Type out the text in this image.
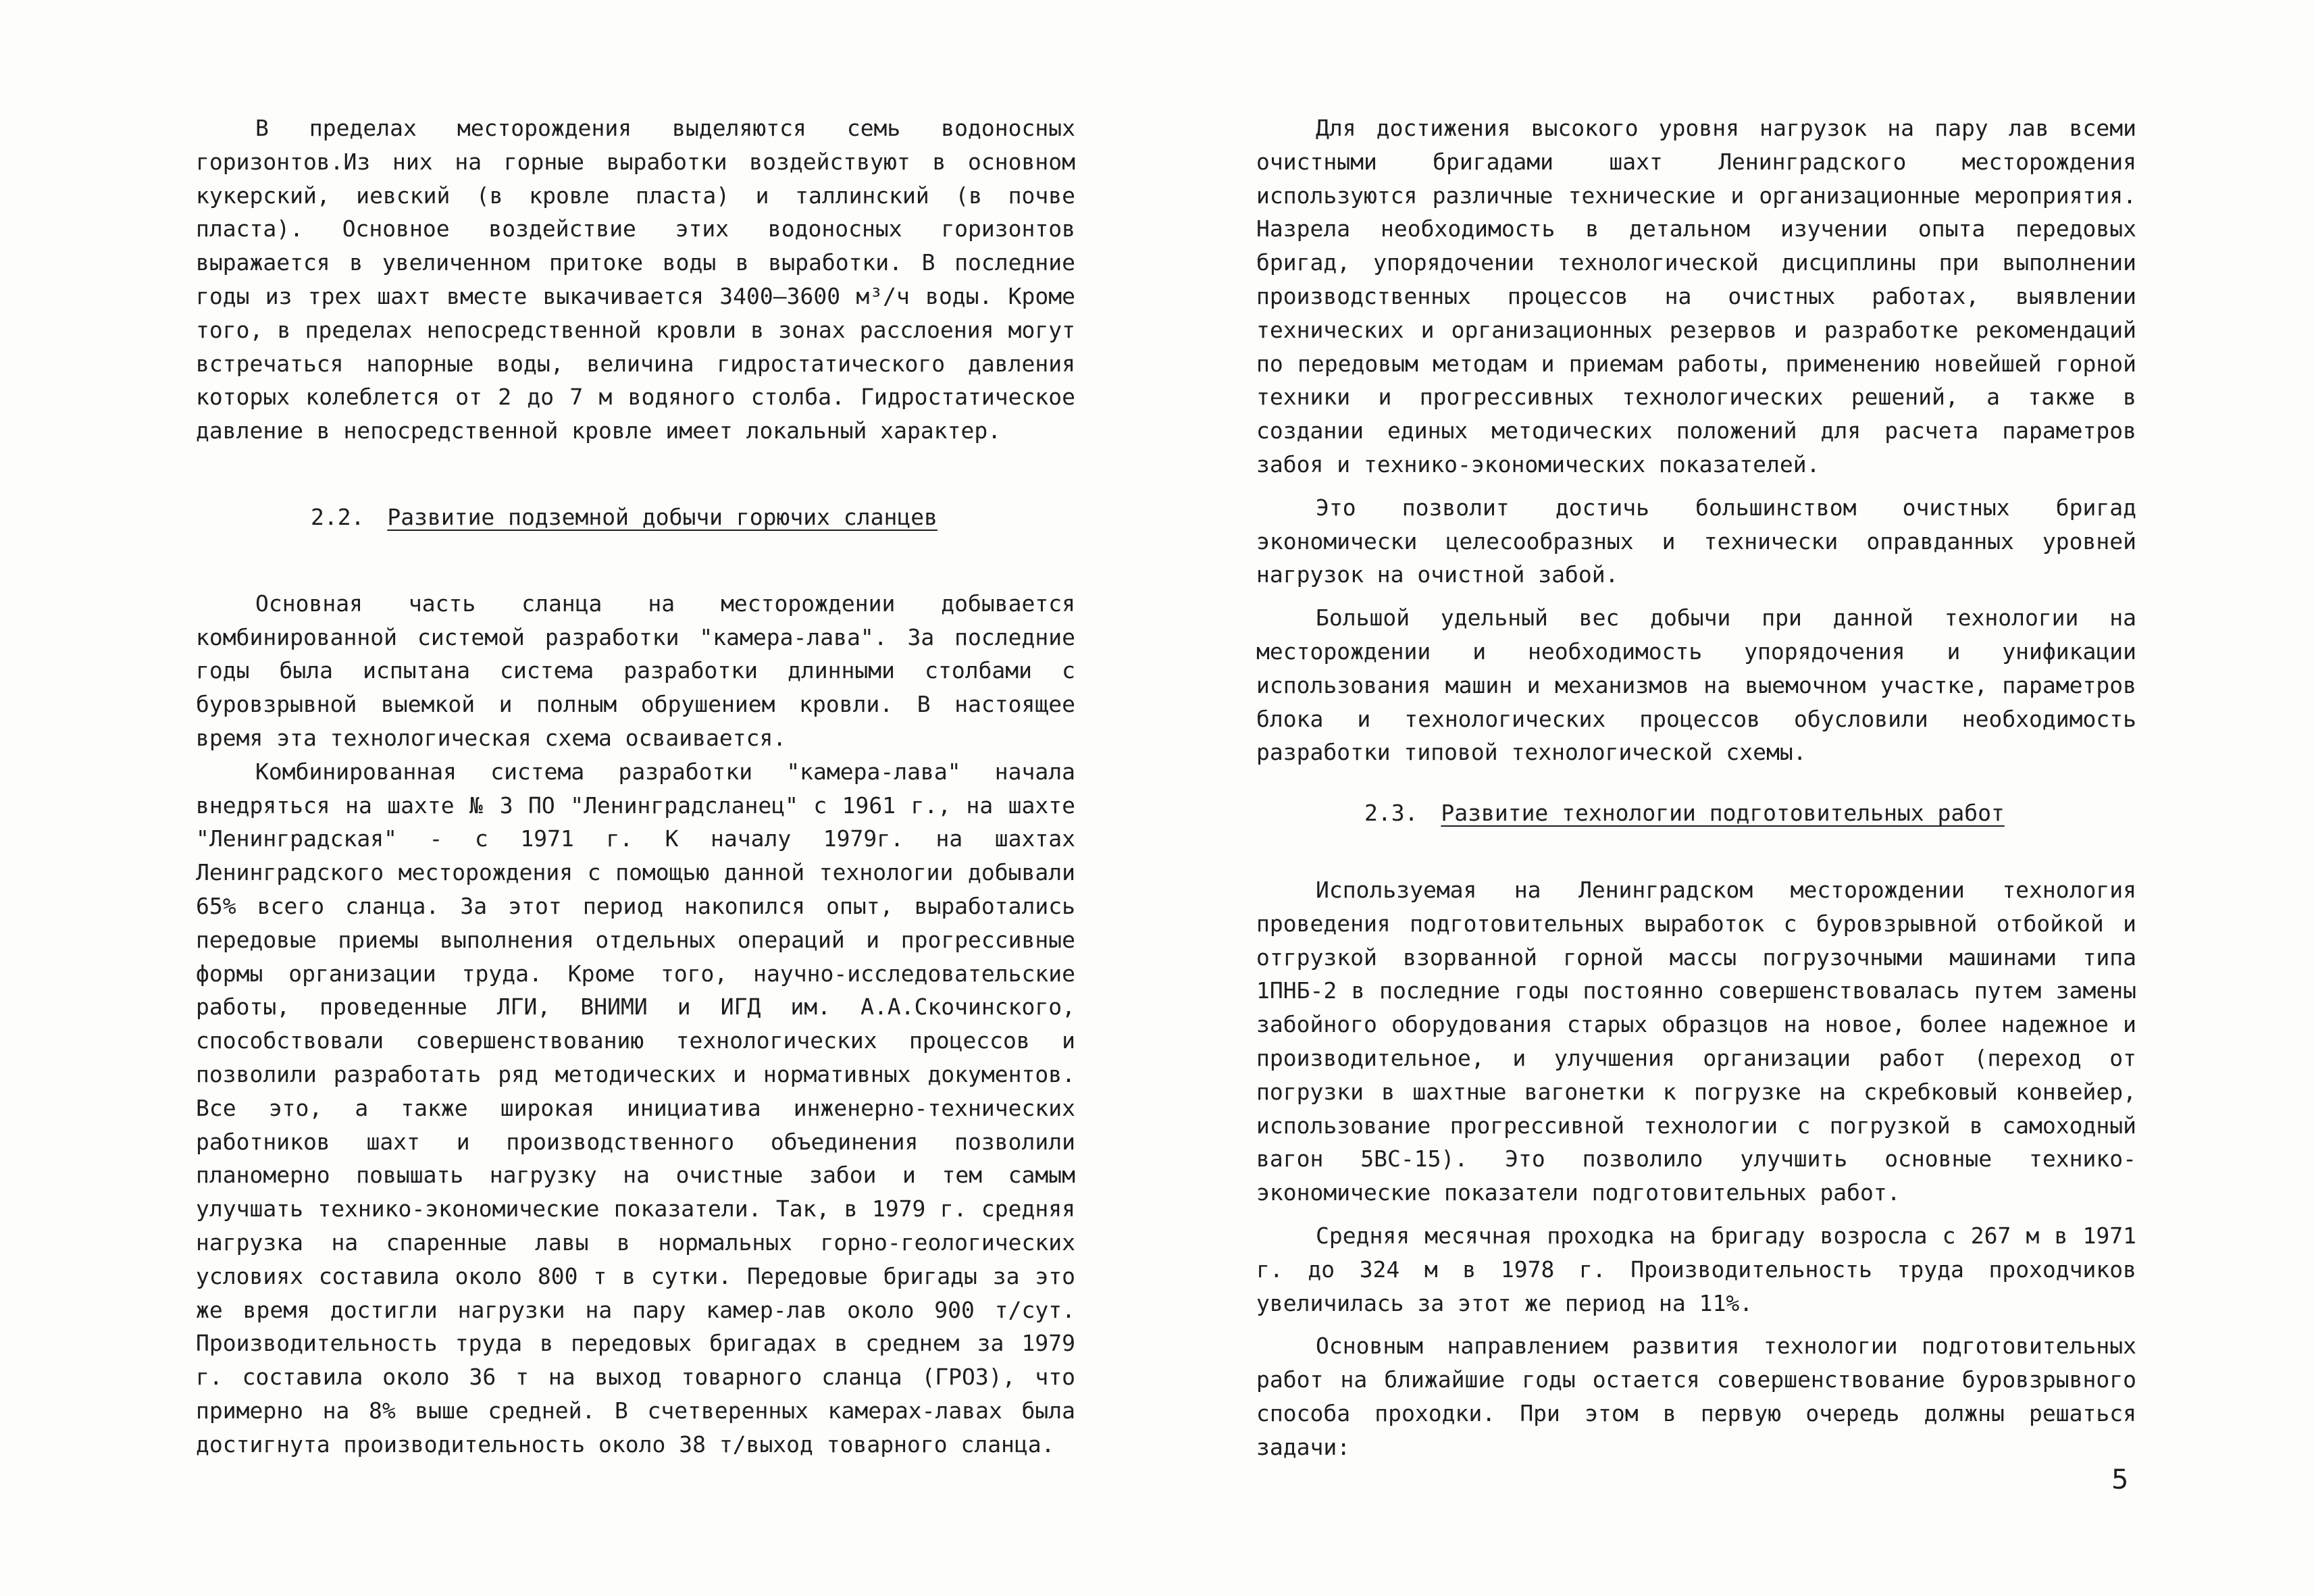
В пределах месторождения выделяются семь водоносных горизонтов.Из них на горные выработки воздействуют в основном кукерский, иевский (в кровле пласта) и таллинский (в почве пласта). Основное воздействие этих водоносных горизонтов выражается в увеличенном притоке воды в выработки. В последние годы из трех шахт вместе выкачивается 3400–3600 м³/ч воды. Кроме того, в пределах непосредственной кровли в зонах расслоения могут встречаться напорные воды, величина гидростатического давления которых колеблется от 2 до 7 м водяного столба. Гидростатическое давление в непосредственной кровле имеет локальный характер.

2.2. Развитие подземной добычи горючих сланцев

Основная часть сланца на месторождении добывается комбинированной системой разработки "камера-лава". За последние годы была испытана система разработки длинными столбами с буровзрывной выемкой и полным обрушением кровли. В настоящее время эта технологическая схема осваивается.

Комбинированная система разработки "камера-лава" начала внедряться на шахте № 3 ПО "Ленинградсланец" с 1961 г., на шахте "Ленинградская" - с 1971 г. К началу 1979г. на шахтах Ленинградского месторождения с помощью данной технологии добывали 65% всего сланца. За этот период накопился опыт, выработались передовые приемы выполнения отдельных операций и прогрессивные формы организации труда. Кроме того, научно-исследовательские работы, проведенные ЛГИ, ВНИМИ и ИГД им. А.А.Скочинского, способствовали совершенствованию технологических процессов и позволили разработать ряд методических и нормативных документов. Все это, а также широкая инициатива инженерно-технических работников шахт и производственного объединения позволили планомерно повышать нагрузку на очистные забои и тем самым улучшать технико-экономические показатели. Так, в 1979 г. средняя нагрузка на спаренные лавы в нормальных горно-геологических условиях составила около 800 т в сутки. Передовые бригады за это же время достигли нагрузки на пару камер-лав около 900 т/сут. Производительность труда в передовых бригадах в среднем за 1979 г. составила около 36 т на выход товарного сланца (ГРОЗ), что примерно на 8% выше средней. В счетверенных камерах-лавах была достигнута производительность около 38 т/выход товарного сланца.

Для достижения высокого уровня нагрузок на пару лав всеми очистными бригадами шахт Ленинградского месторождения используются различные технические и организационные мероприятия. Назрела необходимость в детальном изучении опыта передовых бригад, упорядочении технологической дисциплины при выполнении производственных процессов на очистных работах, выявлении технических и организационных резервов и разработке рекомендаций по передовым методам и приемам работы, применению новейшей горной техники и прогрессивных технологических решений, а также в создании единых методических положений для расчета параметров забоя и технико-экономических показателей.

Это позволит достичь большинством очистных бригад экономически целесообразных и технически оправданных уровней нагрузок на очистной забой.

Большой удельный вес добычи при данной технологии на месторождении и необходимость упорядочения и унификации использования машин и механизмов на выемочном участке, параметров блока и технологических процессов обусловили необходимость разработки типовой технологической схемы.

2.3. Развитие технологии подготовительных работ

Используемая на Ленинградском месторождении технология проведения подготовительных выработок с буровзрывной отбойкой и отгрузкой взорванной горной массы погрузочными машинами типа 1ПНБ-2 в последние годы постоянно совершенствовалась путем замены забойного оборудования старых образцов на новое, более надежное и производительное, и улучшения организации работ (переход от погрузки в шахтные вагонетки к погрузке на скребковый конвейер, использование прогрессивной технологии с погрузкой в самоходный вагон 5ВС-15). Это позволило улучшить основные технико-экономические показатели подготовительных работ.

Средняя месячная проходка на бригаду возросла с 267 м в 1971 г. до 324 м в 1978 г. Производительность труда проходчиков увеличилась за этот же период на 11%.

Основным направлением развития технологии подготовительных работ на ближайшие годы остается совершенствование буровзрывного способа проходки. При этом в первую очередь должны решаться задачи:

5
